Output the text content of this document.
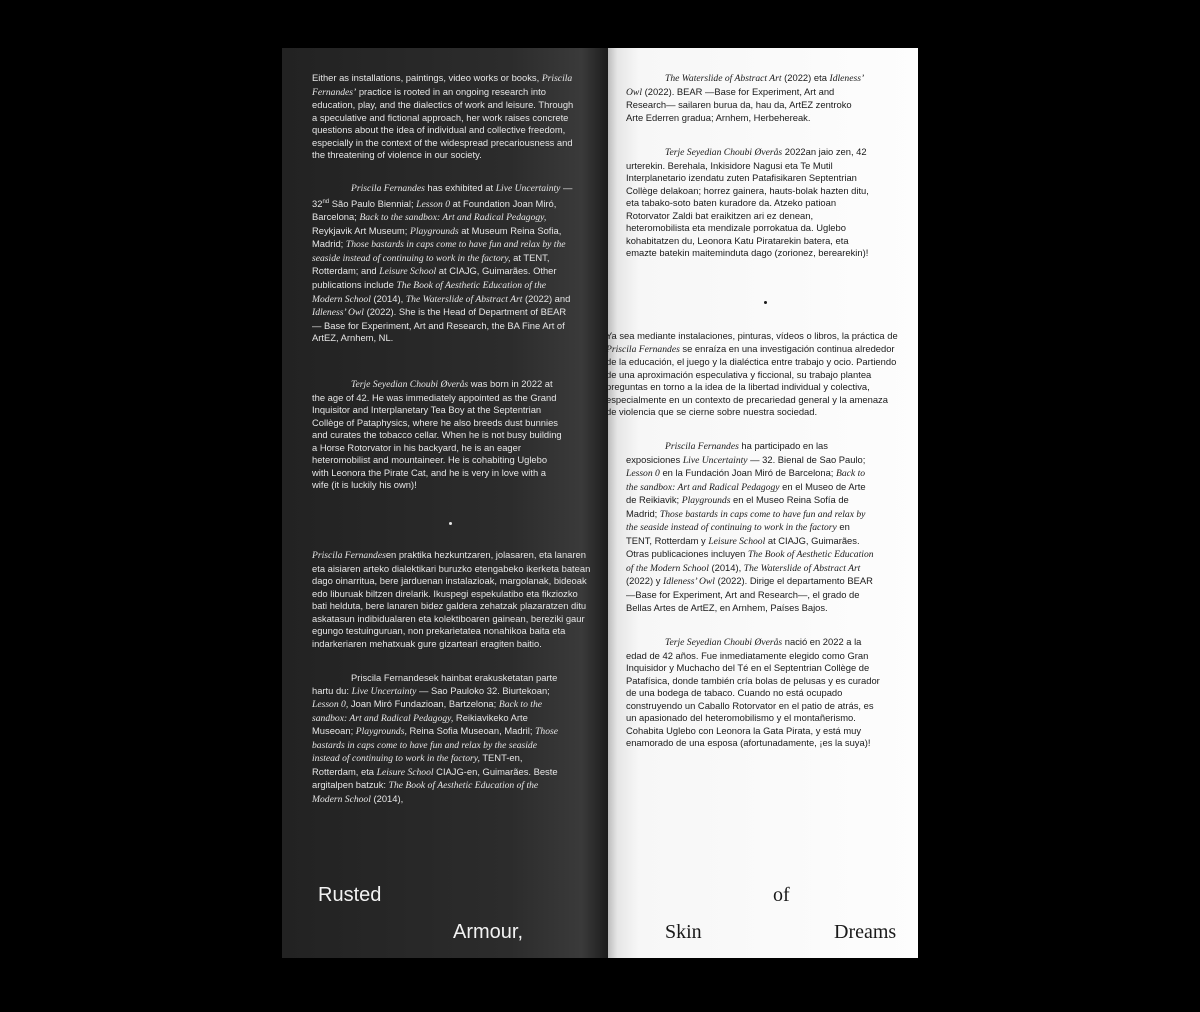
Either as installations, paintings, video works or books, Priscila Fernandes’ practice is rooted in an ongoing research into education, play, and the dialectics of work and leisure. Through a speculative and fictional approach, her work raises concrete questions about the idea of individual and collective freedom, especially in the context of the widespread precariousness and the threatening of violence in our society.

Priscila Fernandes has exhibited at Live Uncertainty — 32nd São Paulo Biennial; Lesson 0 at Foundation Joan Miró, Barcelona; Back to the sandbox: Art and Radical Pedagogy, Reykjavik Art Museum; Playgrounds at Museum Reina Sofia, Madrid; Those bastards in caps come to have fun and relax by the seaside instead of continuing to work in the factory, at TENT, Rotterdam; and Leisure School at CIAJG, Guimarães. Other publications include The Book of Aesthetic Education of the Modern School (2014), The Waterslide of Abstract Art (2022) and Idleness’ Owl (2022). She is the Head of Department of BEAR — Base for Experiment, Art and Research, the BA Fine Art of ArtEZ, Arnhem, NL.

Terje Seyedian Choubi Øverås was born in 2022 at the age of 42. He was immediately appointed as the Grand Inquisitor and Interplanetary Tea Boy at the Septentrian Collège of Pataphysics, where he also breeds dust bunnies and curates the tobacco cellar. When he is not busy building a Horse Rotorvator in his backyard, he is an eager heteromobilist and mountaineer. He is cohabiting Uglebo with Leonora the Pirate Cat, and he is very in love with a wife (it is luckily his own)!

Priscila Fernandesen praktika hezkuntzaren, jolasaren, eta lanaren eta aisiaren arteko dialektikari buruzko etengabeko ikerketa batean dago oinarritua, bere jarduenan instalazioak, margolanak, bideoak edo liburuak biltzen direlarik. Ikuspegi espekulatibo eta fikziozko bati helduta, bere lanaren bidez galdera zehatzak plazaratzen ditu askatasun indibidualaren eta kolektiboaren gainean, bereziki gaur egungo testuinguruan, non prekarietatea nonahikoa baita eta indarkeriaren mehatxuak gure gizarteari eragiten baitio.

Priscila Fernandesek hainbat erakusketatan parte hartu du: Live Uncertainty — Sao Pauloko 32. Biurtekoan; Lesson 0, Joan Miró Fundazioan, Bartzelona; Back to the sandbox: Art and Radical Pedagogy, Reikiavikeko Arte Museoan; Playgrounds, Reina Sofia Museoan, Madril; Those bastards in caps come to have fun and relax by the seaside instead of continuing to work in the factory, TENT-en, Rotterdam, eta Leisure School CIAJG-en, Guimarães. Beste argitalpen batzuk: The Book of Aesthetic Education of the Modern School (2014),

Rusted
Armour,

The Waterslide of Abstract Art (2022) eta Idleness’ Owl (2022). BEAR —Base for Experiment, Art and Research— sailaren burua da, hau da, ArtEZ zentroko Arte Ederren gradua; Arnhem, Herbehereak.

Terje Seyedian Choubi Øverås 2022an jaio zen, 42 urterekin. Berehala, Inkisidore Nagusi eta Te Mutil Interplanetario izendatu zuten Patafisikaren Septentrian Collège delakoan; horrez gainera, hauts-bolak hazten ditu, eta tabako-soto baten kuradore da. Atzeko patioan Rotorvator Zaldi bat eraikitzen ari ez denean, heteromobilista eta mendizale porrokatua da. Uglebo kohabitatzen du, Leonora Katu Piratarekin batera, eta emazte batekin maiteminduta dago (zorionez, berearekin)!

Ya sea mediante instalaciones, pinturas, vídeos o libros, la práctica de Priscila Fernandes se enraíza en una investigación continua alrededor de la educación, el juego y la dialéctica entre trabajo y ocio. Partiendo de una aproximación especulativa y ficcional, su trabajo plantea preguntas en torno a la idea de la libertad individual y colectiva, especialmente en un contexto de precariedad general y la amenaza de violencia que se cierne sobre nuestra sociedad.

Priscila Fernandes ha participado en las exposiciones Live Uncertainty — 32. Bienal de Sao Paulo; Lesson 0 en la Fundación Joan Miró de Barcelona; Back to the sandbox: Art and Radical Pedagogy en el Museo de Arte de Reikiavik; Playgrounds en el Museo Reina Sofía de Madrid; Those bastards in caps come to have fun and relax by the seaside instead of continuing to work in the factory en TENT, Rotterdam y Leisure School at CIAJG, Guimarães. Otras publicaciones incluyen The Book of Aesthetic Education of the Modern School (2014), The Waterslide of Abstract Art (2022) y Idleness’ Owl (2022). Dirige el departamento BEAR —Base for Experiment, Art and Research—, el grado de Bellas Artes de ArtEZ, en Arnhem, Países Bajos.

Terje Seyedian Choubi Øverås nació en 2022 a la edad de 42 años. Fue inmediatamente elegido como Gran Inquisidor y Muchacho del Té en el Septentrian Collège de Patafísica, donde también cría bolas de pelusas y es curador de una bodega de tabaco. Cuando no está ocupado construyendo un Caballo Rotorvator en el patio de atrás, es un apasionado del heteromobilismo y el montañerismo. Cohabita Uglebo con Leonora la Gata Pirata, y está muy enamorado de una esposa (afortunadamente, ¡es la suya)!

of
Skin	Dreams
